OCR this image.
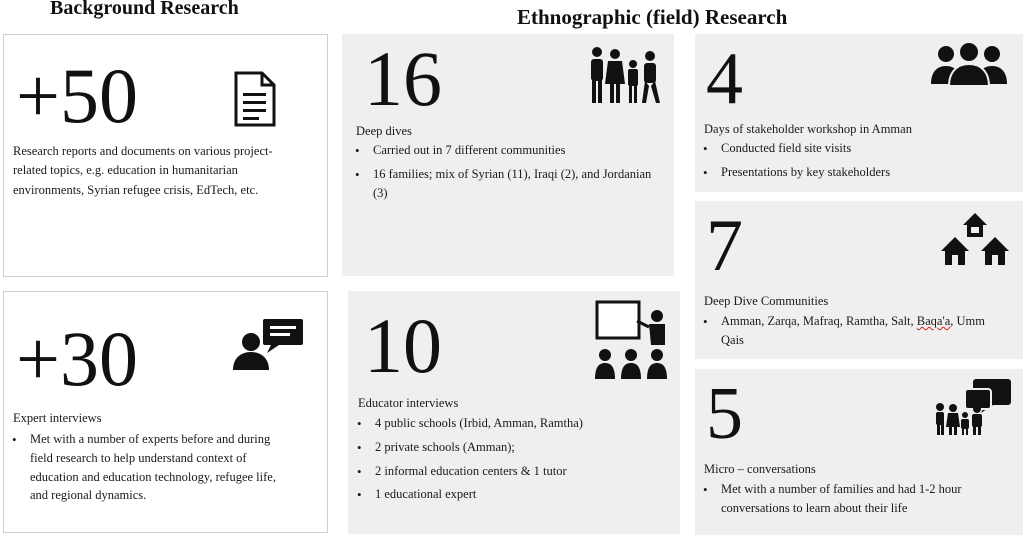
Background Research	Ethnographic (field) Research
+50
Research reports and documents on various project-related topics, e.g. education in humanitarian environments, Syrian refugee crisis, EdTech, etc.
+30
Expert interviews
• Met with a number of experts before and during field research to help understand context of education and education technology, refugee life, and regional dynamics.
16
Deep dives
• Carried out in 7 different communities
• 16 families; mix of Syrian (11), Iraqi (2), and Jordanian (3)
10
Educator interviews
• 4 public schools (Irbid, Amman, Ramtha)
• 2 private schools (Amman);
• 2 informal education centers & 1 tutor
• 1 educational expert
4
Days of stakeholder workshop in Amman
• Conducted field site visits
• Presentations by key stakeholders
7
Deep Dive Communities
• Amman, Zarqa, Mafraq, Ramtha, Salt, Baqa'a, Umm Qais
5
Micro – conversations
• Met with a number of families and had 1-2 hour conversations to learn about their life
